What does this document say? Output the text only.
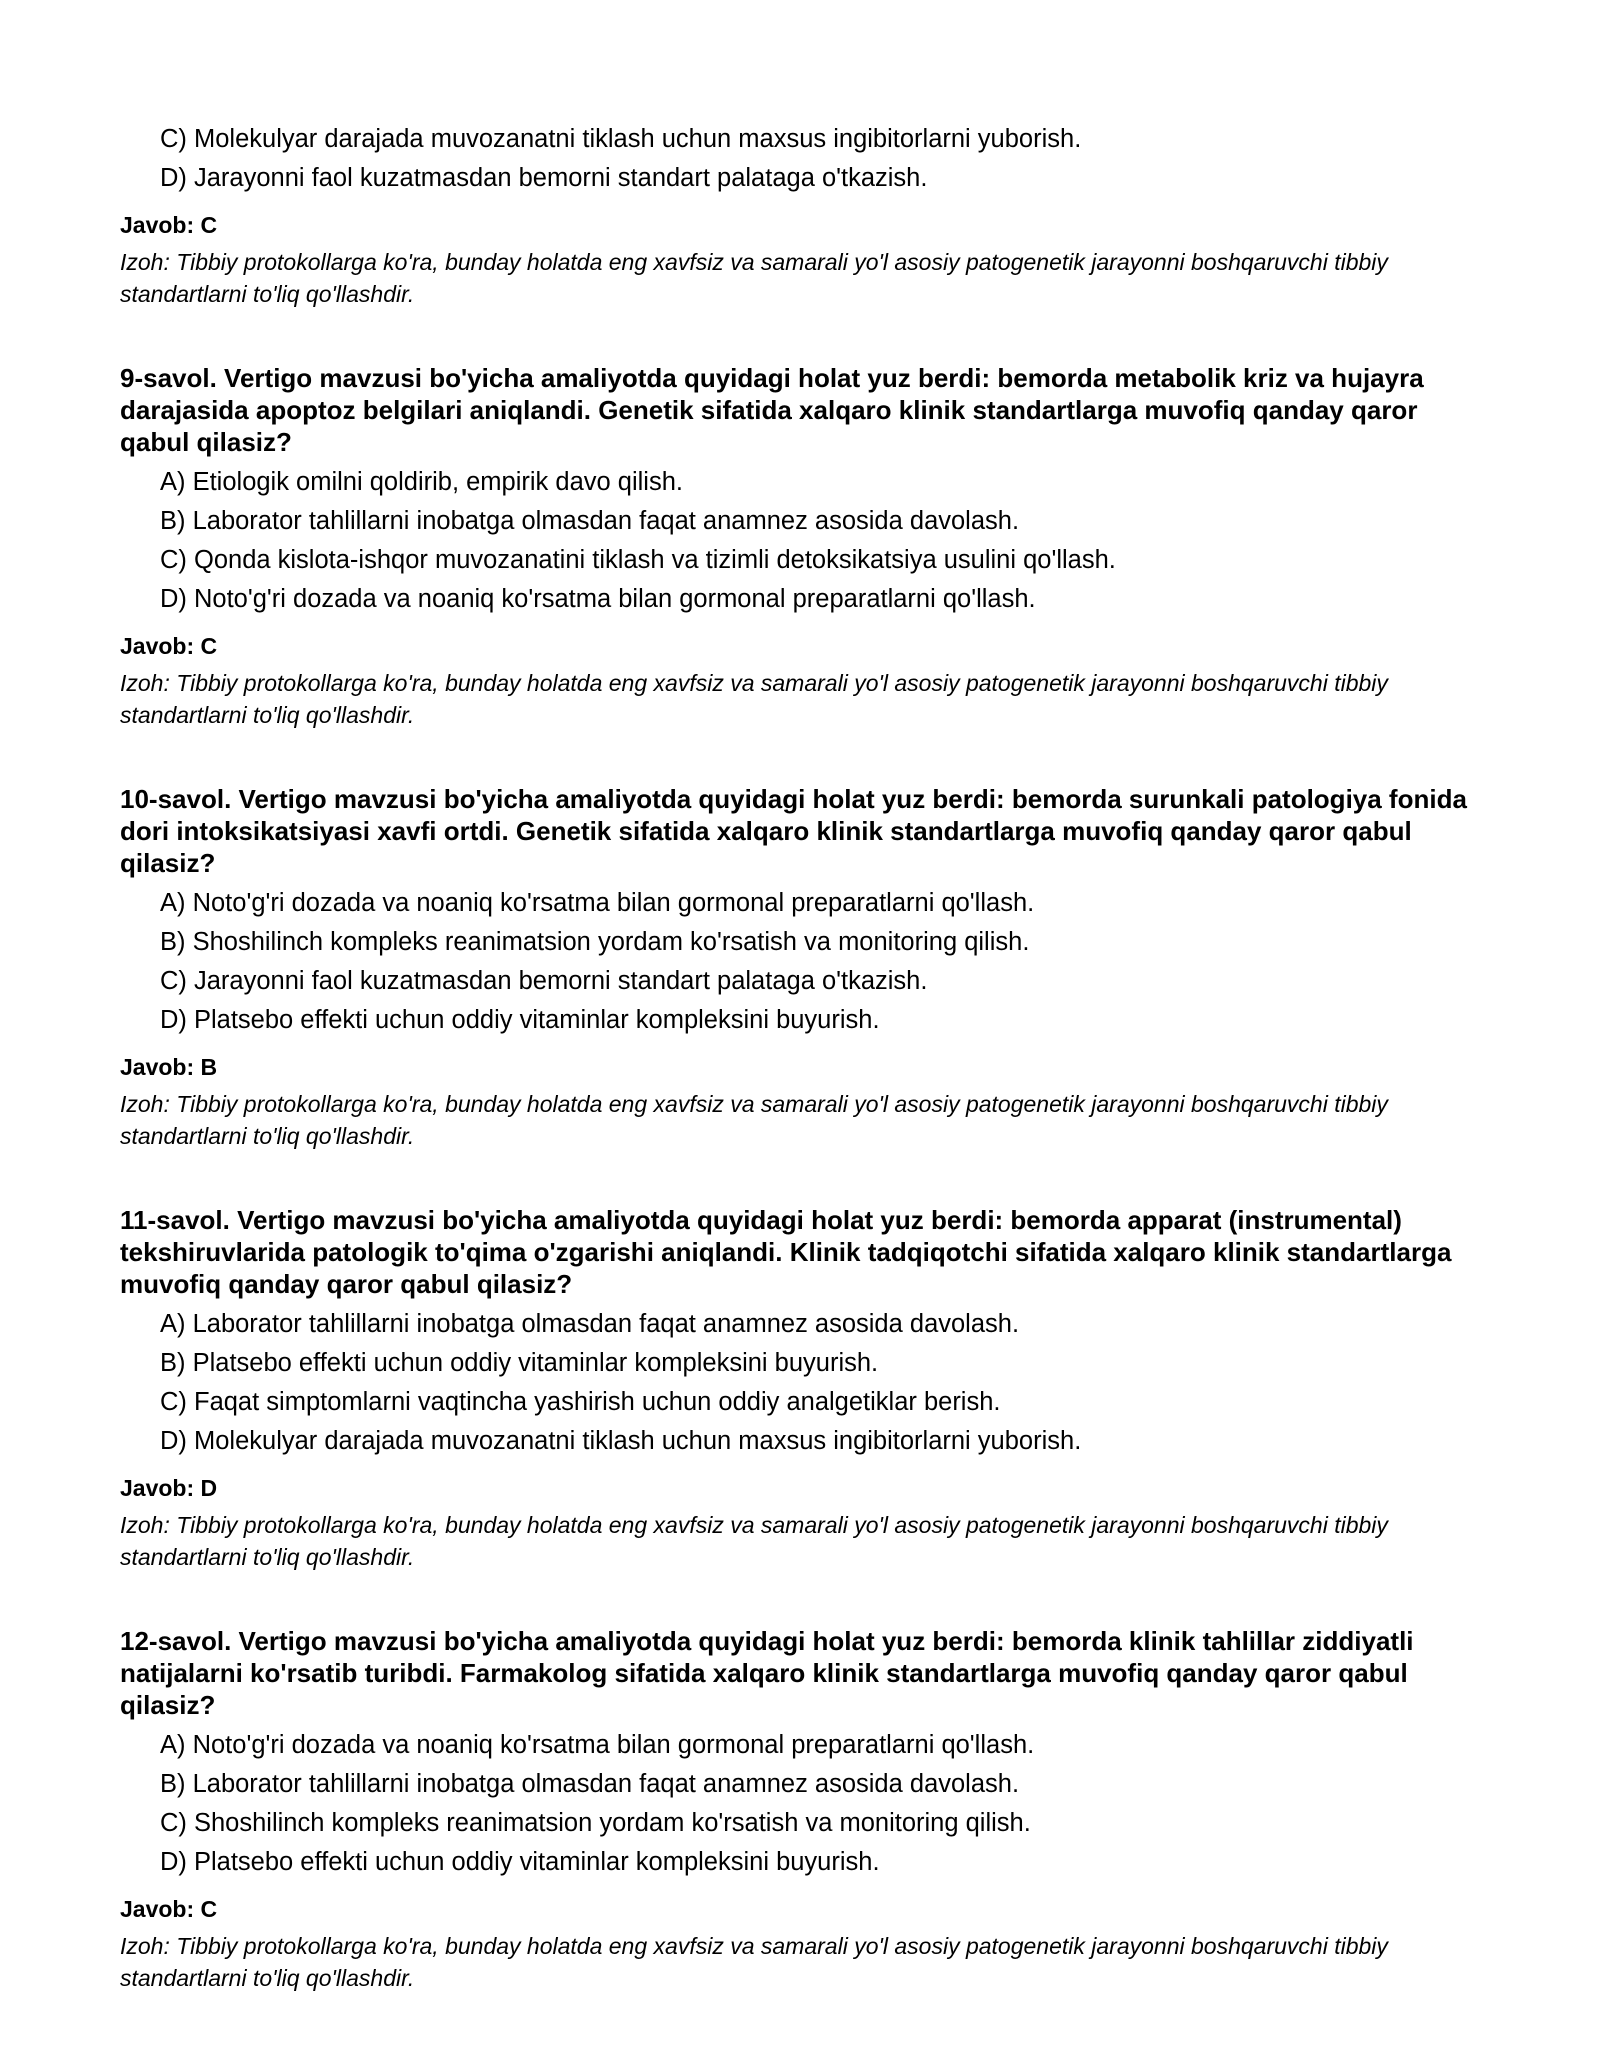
C) Molekulyar darajada muvozanatni tiklash uchun maxsus ingibitorlarni yuborish.
D) Jarayonni faol kuzatmasdan bemorni standart palataga o'tkazish.
Javob: C
Izoh: Tibbiy protokollarga ko'ra, bunday holatda eng xavfsiz va samarali yo'l asosiy patogenetik jarayonni boshqaruvchi tibbiy standartlarni to'liq qo'llashdir.
9-savol. Vertigo mavzusi bo'yicha amaliyotda quyidagi holat yuz berdi: bemorda metabolik kriz va hujayra darajasida apoptoz belgilari aniqlandi. Genetik sifatida xalqaro klinik standartlarga muvofiq qanday qaror qabul qilasiz?
A) Etiologik omilni qoldirib, empirik davo qilish.
B) Laborator tahlillarni inobatga olmasdan faqat anamnez asosida davolash.
C) Qonda kislota-ishqor muvozanatini tiklash va tizimli detoksikatsiya usulini qo'llash.
D) Noto'g'ri dozada va noaniq ko'rsatma bilan gormonal preparatlarni qo'llash.
Javob: C
Izoh: Tibbiy protokollarga ko'ra, bunday holatda eng xavfsiz va samarali yo'l asosiy patogenetik jarayonni boshqaruvchi tibbiy standartlarni to'liq qo'llashdir.
10-savol. Vertigo mavzusi bo'yicha amaliyotda quyidagi holat yuz berdi: bemorda surunkali patologiya fonida dori intoksikatsiyasi xavfi ortdi. Genetik sifatida xalqaro klinik standartlarga muvofiq qanday qaror qabul qilasiz?
A) Noto'g'ri dozada va noaniq ko'rsatma bilan gormonal preparatlarni qo'llash.
B) Shoshilinch kompleks reanimatsion yordam ko'rsatish va monitoring qilish.
C) Jarayonni faol kuzatmasdan bemorni standart palataga o'tkazish.
D) Platsebo effekti uchun oddiy vitaminlar kompleksini buyurish.
Javob: B
Izoh: Tibbiy protokollarga ko'ra, bunday holatda eng xavfsiz va samarali yo'l asosiy patogenetik jarayonni boshqaruvchi tibbiy standartlarni to'liq qo'llashdir.
11-savol. Vertigo mavzusi bo'yicha amaliyotda quyidagi holat yuz berdi: bemorda apparat (instrumental) tekshiruvlarida patologik to'qima o'zgarishi aniqlandi. Klinik tadqiqotchi sifatida xalqaro klinik standartlarga muvofiq qanday qaror qabul qilasiz?
A) Laborator tahlillarni inobatga olmasdan faqat anamnez asosida davolash.
B) Platsebo effekti uchun oddiy vitaminlar kompleksini buyurish.
C) Faqat simptomlarni vaqtincha yashirish uchun oddiy analgetiklar berish.
D) Molekulyar darajada muvozanatni tiklash uchun maxsus ingibitorlarni yuborish.
Javob: D
Izoh: Tibbiy protokollarga ko'ra, bunday holatda eng xavfsiz va samarali yo'l asosiy patogenetik jarayonni boshqaruvchi tibbiy standartlarni to'liq qo'llashdir.
12-savol. Vertigo mavzusi bo'yicha amaliyotda quyidagi holat yuz berdi: bemorda klinik tahlillar ziddiyatli natijalarni ko'rsatib turibdi. Farmakolog sifatida xalqaro klinik standartlarga muvofiq qanday qaror qabul qilasiz?
A) Noto'g'ri dozada va noaniq ko'rsatma bilan gormonal preparatlarni qo'llash.
B) Laborator tahlillarni inobatga olmasdan faqat anamnez asosida davolash.
C) Shoshilinch kompleks reanimatsion yordam ko'rsatish va monitoring qilish.
D) Platsebo effekti uchun oddiy vitaminlar kompleksini buyurish.
Javob: C
Izoh: Tibbiy protokollarga ko'ra, bunday holatda eng xavfsiz va samarali yo'l asosiy patogenetik jarayonni boshqaruvchi tibbiy standartlarni to'liq qo'llashdir.
